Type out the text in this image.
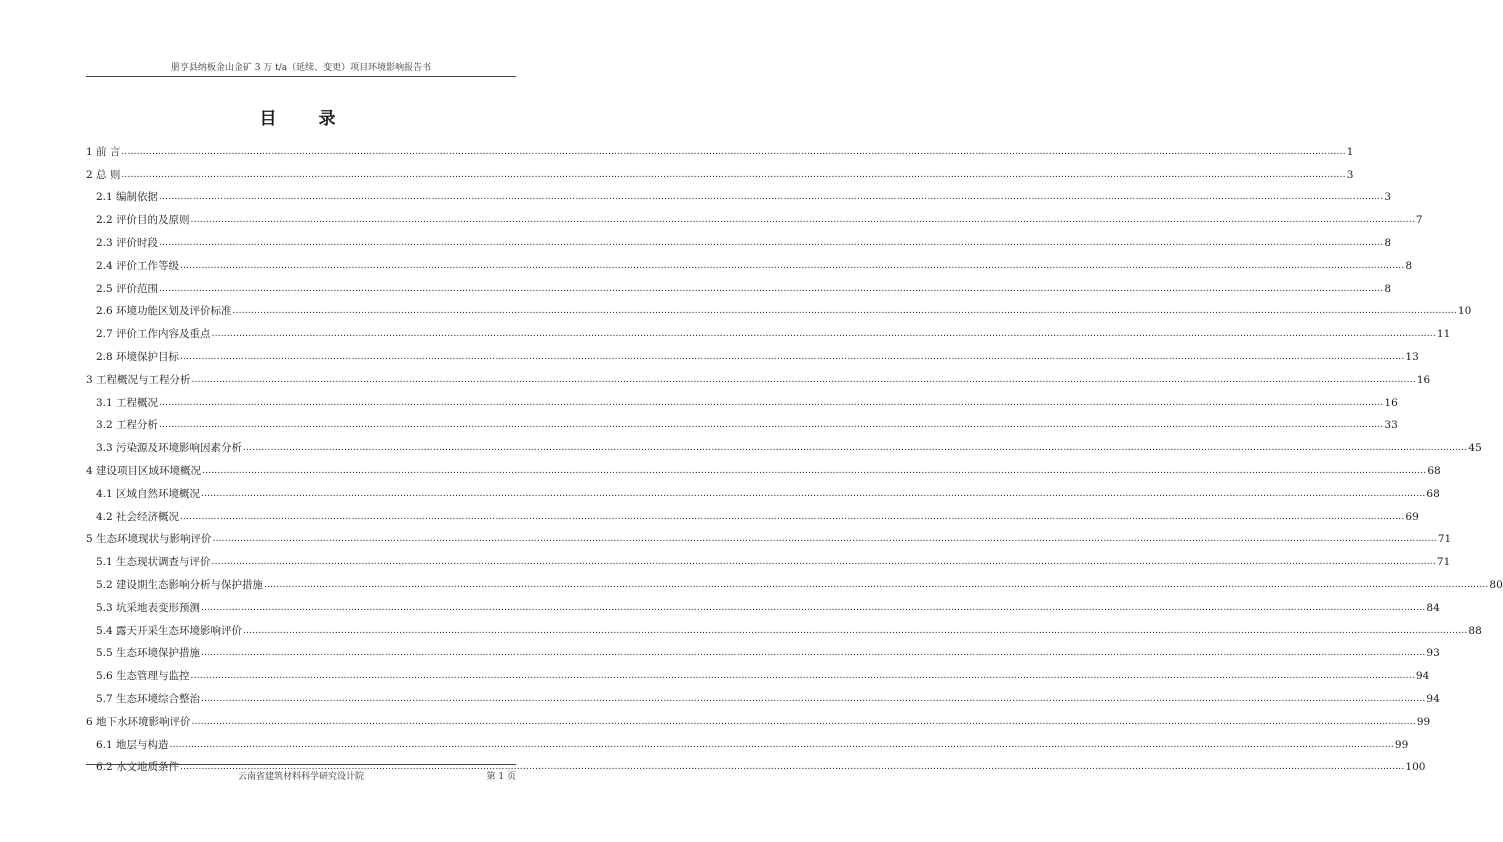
册亨县纳板金山金矿 3 万 t/a（延续、变更）项目环境影响报告书
目 录
1 前 言 ................................................................................................................................................................................................................................................................................................................................................................................................................ 1
2 总 则 ................................................................................................................................................................................................................................................................................................................................................................................................................ 3
2.1 编制依据 ................................................................................................................................................................................................................................................................................................................................................................................................................ 3
2.2 评价目的及原则 ................................................................................................................................................................................................................................................................................................................................................................................................................ 7
2.3 评价时段 ................................................................................................................................................................................................................................................................................................................................................................................................................ 8
2.4 评价工作等级 ................................................................................................................................................................................................................................................................................................................................................................................................................ 8
2.5 评价范围 ................................................................................................................................................................................................................................................................................................................................................................................................................ 8
2.6 环境功能区划及评价标准 ................................................................................................................................................................................................................................................................................................................................................................................................................ 10
2.7 评价工作内容及重点 ................................................................................................................................................................................................................................................................................................................................................................................................................ 11
2.8 环境保护目标 ................................................................................................................................................................................................................................................................................................................................................................................................................ 13
3 工程概况与工程分析 ................................................................................................................................................................................................................................................................................................................................................................................................................ 16
3.1 工程概况 ................................................................................................................................................................................................................................................................................................................................................................................................................ 16
3.2 工程分析 ................................................................................................................................................................................................................................................................................................................................................................................................................ 33
3.3 污染源及环境影响因素分析 ................................................................................................................................................................................................................................................................................................................................................................................................................ 45
4 建设项目区域环境概况 ................................................................................................................................................................................................................................................................................................................................................................................................................ 68
4.1 区域自然环境概况 ................................................................................................................................................................................................................................................................................................................................................................................................................ 68
4.2 社会经济概况 ................................................................................................................................................................................................................................................................................................................................................................................................................ 69
5 生态环境现状与影响评价 ................................................................................................................................................................................................................................................................................................................................................................................................................ 71
5.1 生态现状调查与评价 ................................................................................................................................................................................................................................................................................................................................................................................................................ 71
5.2 建设期生态影响分析与保护措施 ................................................................................................................................................................................................................................................................................................................................................................................................................ 80
5.3 坑采地表变形预测 ................................................................................................................................................................................................................................................................................................................................................................................................................ 84
5.4 露天开采生态环境影响评价 ................................................................................................................................................................................................................................................................................................................................................................................................................ 88
5.5 生态环境保护措施 ................................................................................................................................................................................................................................................................................................................................................................................................................ 93
5.6 生态管理与监控 ................................................................................................................................................................................................................................................................................................................................................................................................................ 94
5.7 生态环境综合整治 ................................................................................................................................................................................................................................................................................................................................................................................................................ 94
6 地下水环境影响评价 ................................................................................................................................................................................................................................................................................................................................................................................................................ 99
6.1 地层与构造 ................................................................................................................................................................................................................................................................................................................................................................................................................ 99
6.2 水文地质条件 ................................................................................................................................................................................................................................................................................................................................................................................................................ 100
云南省建筑材料科学研究设计院	第 1 页
